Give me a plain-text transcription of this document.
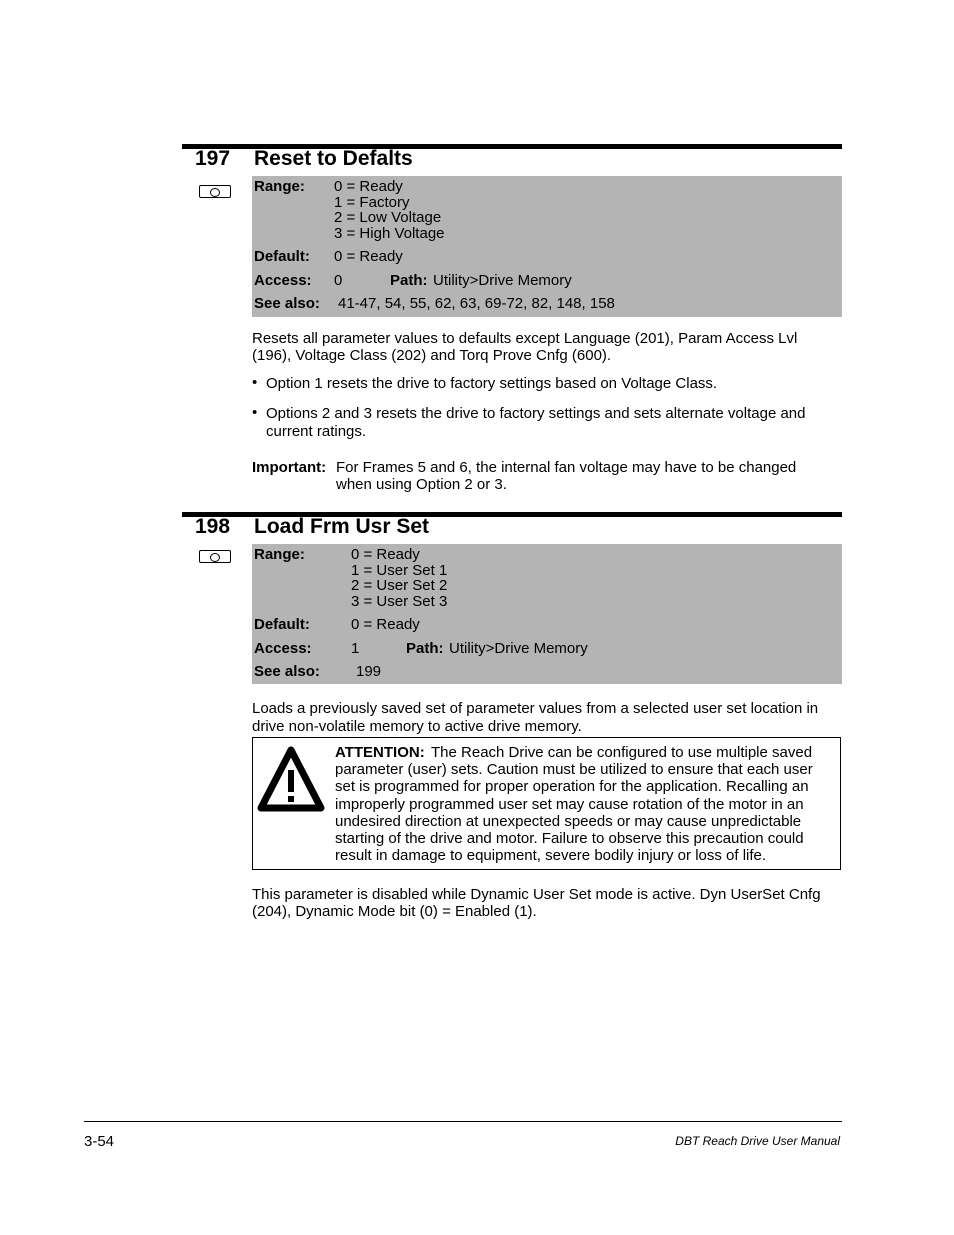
197 Reset to Defalts
Range: 0 = Ready
1 = Factory
2 = Low Voltage
3 = High Voltage
Default: 0 = Ready
Access: 0	Path: Utility>Drive Memory
See also: 41-47, 54, 55, 62, 63, 69-72, 82, 148, 158
Resets all parameter values to defaults except Language (201), Param Access Lvl
(196), Voltage Class (202) and Torq Prove Cnfg (600).
• Option 1 resets the drive to factory settings based on Voltage Class.
• Options 2 and 3 resets the drive to factory settings and sets alternate voltage and
current ratings.
Important: For Frames 5 and 6, the internal fan voltage may have to be changed
when using Option 2 or 3.
198 Load Frm Usr Set
Range:	0 = Ready
1 = User Set 1
2 = User Set 2
3 = User Set 3
Default:	0 = Ready
Access:	1	Path: Utility>Drive Memory
See also: 199
Loads a previously saved set of parameter values from a selected user set location in
drive non-volatile memory to active drive memory.
ATTENTION: The Reach Drive can be configured to use multiple saved
parameter (user) sets. Caution must be utilized to ensure that each user
set is programmed for proper operation for the application. Recalling an
improperly programmed user set may cause rotation of the motor in an
undesired direction at unexpected speeds or may cause unpredictable
starting of the drive and motor. Failure to observe this precaution could
result in damage to equipment, severe bodily injury or loss of life.
This parameter is disabled while Dynamic User Set mode is active. Dyn UserSet Cnfg
(204), Dynamic Mode bit (0) = Enabled (1).
3-54	DBT Reach Drive User Manual
